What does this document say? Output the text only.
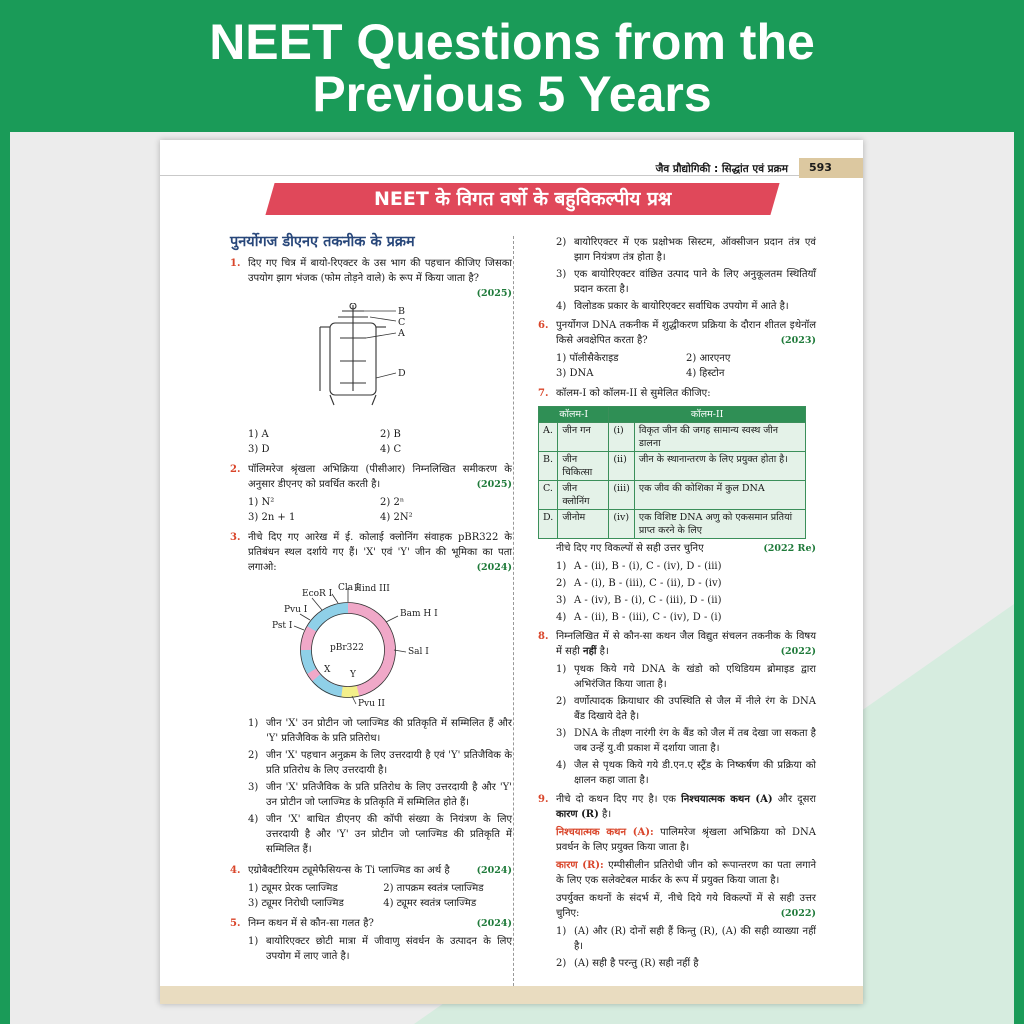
NEET Questions from the
Previous 5 Years
जैव प्रौद्योगिकी : सिद्धांत एवं प्रक्रम	593
NEET के विगत वर्षो के बहुविकल्पीय प्रश्न
पुनर्योगज डीएनए तकनीक के प्रक्रम
1. दिए गए चित्र में बायो-रिएक्टर के उस भाग की पहचान कीजिए जिसका उपयोग झाग भंजक (फोम तोड़ने वाले) के रूप में किया जाता है?
(2025)
B
C
A
D
1) A	2) B
3) D	4) C
2. पॉलिमरेज श्रृंखला अभिक्रिया (पीसीआर) निम्नलिखित समीकरण के अनुसार डीएनए को प्रवर्धित करती है।	(2025)
1) N²	2) 2ⁿ
3) 2n + 1	4) 2N²
3. नीचे दिए गए आरेख में ई. कोलाई क्लोनिंग संवाहक pBR322 के प्रतिबंधन स्थल दर्शाये गए हैं। 'X' एवं 'Y' जीन की भूमिका का पता लगाओ:	(2024)
EcoR I
Cla I
Hind III
Pvu I
Pst I
Bam H I
Sal I
pBr322
X Y
Pvu II
1) जीन 'X' उन प्रोटीन जो प्लाज्मिड की प्रतिकृति में सम्मिलित हैं और 'Y' प्रतिजैविक के प्रति प्रतिरोध।
2) जीन 'X' पहचान अनुक्रम के लिए उत्तरदायी है एवं 'Y' प्रतिजैविक के प्रति प्रतिरोध के लिए उत्तरदायी है।
3) जीन 'X' प्रतिजैविक के प्रति प्रतिरोध के लिए उत्तरदायी है और 'Y' उन प्रोटीन जो प्लाज्मिड के प्रतिकृति में सम्मिलित होते हैं।
4) जीन 'X' बाधित डीएनए की कॉपी संख्या के नियंत्रण के लिए उत्तरदायी है और 'Y' उन प्रोटीन जो प्लाज्मिड की प्रतिकृति में सम्मिलित हैं।
4. एग्रोबैक्टीरियम ट्यूमेफैसियन्स के Ti प्लाज्मिड का अर्थ है	(2024)
1) ट्यूमर प्रेरक प्लाज्मिड	2) तापक्रम स्वतंत्र प्लाज्मिड
3) ट्यूमर निरोधी प्लाज्मिड	4) ट्यूमर स्वतंत्र प्लाज्मिड
5. निम्न कथन में से कौन-सा गलत है?	(2024)
1) बायोरिएक्टर छोटी मात्रा में जीवाणु संवर्धन के उत्पादन के लिए उपयोग में लाए जाते है।
2) बायोरिएक्टर में एक प्रक्षोभक सिस्टम, ऑक्सीजन प्रदान तंत्र एवं झाग नियंत्रण तंत्र होता है।
3) एक बायोरिएक्टर वांछित उत्पाद पाने के लिए अनुकूलतम स्थितियाँ प्रदान करता है।
4) विलोडक प्रकार के बायोरिएक्टर सर्वाधिक उपयोग में आते है।
6. पुनर्योगज DNA तकनीक में शुद्धीकरण प्रक्रिया के दौरान शीतल इथेनॉल किसे अवक्षेपित करता है?	(2023)
1) पॉलीसैकेराइड	2) आरएनए
3) DNA	4) हिस्टोन
7. कॉलम-I को कॉलम-II से सुमेलित कीजिए:
कॉलम-I		कॉलम-II	
A.	जीन गन	(i)	विकृत जीन की जगह सामान्य स्वस्थ जीन डालना
B.	जीन चिकित्सा	(ii)	जीन के स्थानान्तरण के लिए प्रयुक्त होता है।
C.	जीन क्लोनिंग	(iii)	एक जीव की कोशिका में कुल DNA
D.	जीनोम	(iv)	एक विशिष्ट DNA अणु को एकसमान प्रतियां प्राप्त करने के लिए
नीचे दिए गए विकल्पों से सही उत्तर चुनिए	(2022 Re)
1) A - (ii), B - (i), C - (iv), D - (iii)
2) A - (i), B - (iii), C - (ii), D - (iv)
3) A - (iv), B - (i), C - (iii), D - (ii)
4) A - (ii), B - (iii), C - (iv), D - (i)
8. निम्नलिखित में से कौन-सा कथन जैल विद्युत संचलन तकनीक के विषय में सही नहीं है।	(2022)
1) पृथक किये गये DNA के खंडो को एथिडियम ब्रोमाइड द्वारा अभिरंजित किया जाता है।
2) वर्णोत्पादक क्रियाधार की उपस्थिति से जैल में नीले रंग के DNA बैंड दिखाये देते है।
3) DNA के तीक्ष्ण नारंगी रंग के बैंड को जैल में तब देखा जा सकता है जब उन्हें यु.वी प्रकाश में दर्शाया जाता है।
4) जैल से पृथक किये गये डी.एन.ए स्ट्रैंड के निष्कर्षण की प्रक्रिया को क्षालन कहा जाता है।
9. नीचे दो कथन दिए गए है। एक निश्चयात्मक कथन (A) और दूसरा कारण (R) है।
निश्चयात्मक कथन (A): पालिमरेज श्रृंखला अभिक्रिया को DNA प्रवर्धन के लिए प्रयुक्त किया जाता है।
कारण (R): एम्पीसीलीन प्रतिरोधी जीन को रूपान्तरण का पता लगाने के लिए एक सलेक्टेबल मार्कर के रूप में प्रयुक्त किया जाता है।
उपर्युक्त कथनों के संदर्भ में, नीचे दिये गये विकल्पों में से सही उत्तर चुनिए:	(2022)
1) (A) और (R) दोनों सही हैं किन्तु (R), (A) की सही व्याख्या नहीं है।
2) (A) सही है परन्तु (R) सही नहीं है
